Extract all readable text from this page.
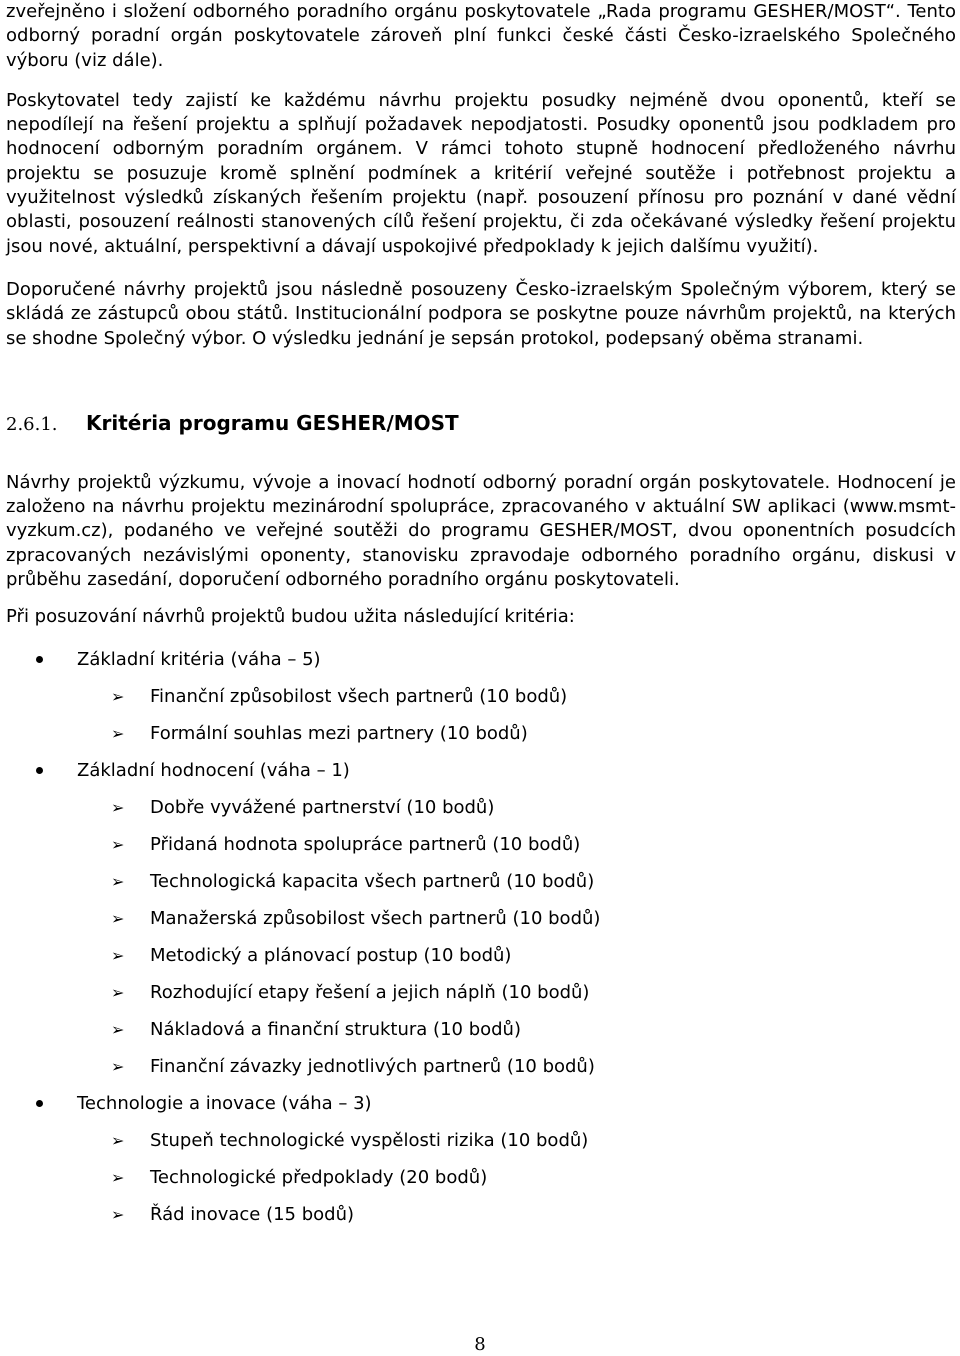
zveřejněno i složení odborného poradního orgánu poskytovatele „Rada programu GESHER/MOST“. Tento odborný poradní orgán poskytovatele zároveň plní funkci české části Česko-izraelského Společného výboru (viz dále).

Poskytovatel tedy zajistí ke každému návrhu projektu posudky nejméně dvou oponentů, kteří se nepodílejí na řešení projektu a splňují požadavek nepodjatosti. Posudky oponentů jsou podkladem pro hodnocení odborným poradním orgánem. V rámci tohoto stupně hodnocení předloženého návrhu projektu se posuzuje kromě splnění podmínek a kritérií veřejné soutěže i potřebnost projektu a využitelnost výsledků získaných řešením projektu (např. posouzení přínosu pro poznání v dané vědní oblasti, posouzení reálnosti stanovených cílů řešení projektu, či zda očekávané výsledky řešení projektu jsou nové, aktuální, perspektivní a dávají uspokojivé předpoklady k jejich dalšímu využití).

Doporučené návrhy projektů jsou následně posouzeny Česko-izraelským Společným výborem, který se skládá ze zástupců obou států. Institucionální podpora se poskytne pouze návrhům projektů, na kterých se shodne Společný výbor. O výsledku jednání je sepsán protokol, podepsaný oběma stranami.

2.6.1.	Kritéria programu GESHER/MOST

Návrhy projektů výzkumu, vývoje a inovací hodnotí odborný poradní orgán poskytovatele. Hodnocení je založeno na návrhu projektu mezinárodní spolupráce, zpracovaného v aktuální SW aplikaci (www.msmt-vyzkum.cz), podaného ve veřejné soutěži do programu GESHER/MOST, dvou oponentních posudcích zpracovaných nezávislými oponenty, stanovisku zpravodaje odborného poradního orgánu, diskusi v průběhu zasedání, doporučení odborného poradního orgánu poskytovateli.

Při posuzování návrhů projektů budou užita následující kritéria:

Základní kritéria (váha – 5)
➢ Finanční způsobilost všech partnerů (10 bodů)
➢ Formální souhlas mezi partnery (10 bodů)
Základní hodnocení (váha – 1)
➢ Dobře vyvážené partnerství (10 bodů)
➢ Přidaná hodnota spolupráce partnerů (10 bodů)
➢ Technologická kapacita všech partnerů (10 bodů)
➢ Manažerská způsobilost všech partnerů (10 bodů)
➢ Metodický a plánovací postup (10 bodů)
➢ Rozhodující etapy řešení a jejich náplň (10 bodů)
➢ Nákladová a finanční struktura (10 bodů)
➢ Finanční závazky jednotlivých partnerů (10 bodů)
Technologie a inovace (váha – 3)
➢ Stupeň technologické vyspělosti rizika (10 bodů)
➢ Technologické předpoklady (20 bodů)
➢ Řád inovace (15 bodů)
8
